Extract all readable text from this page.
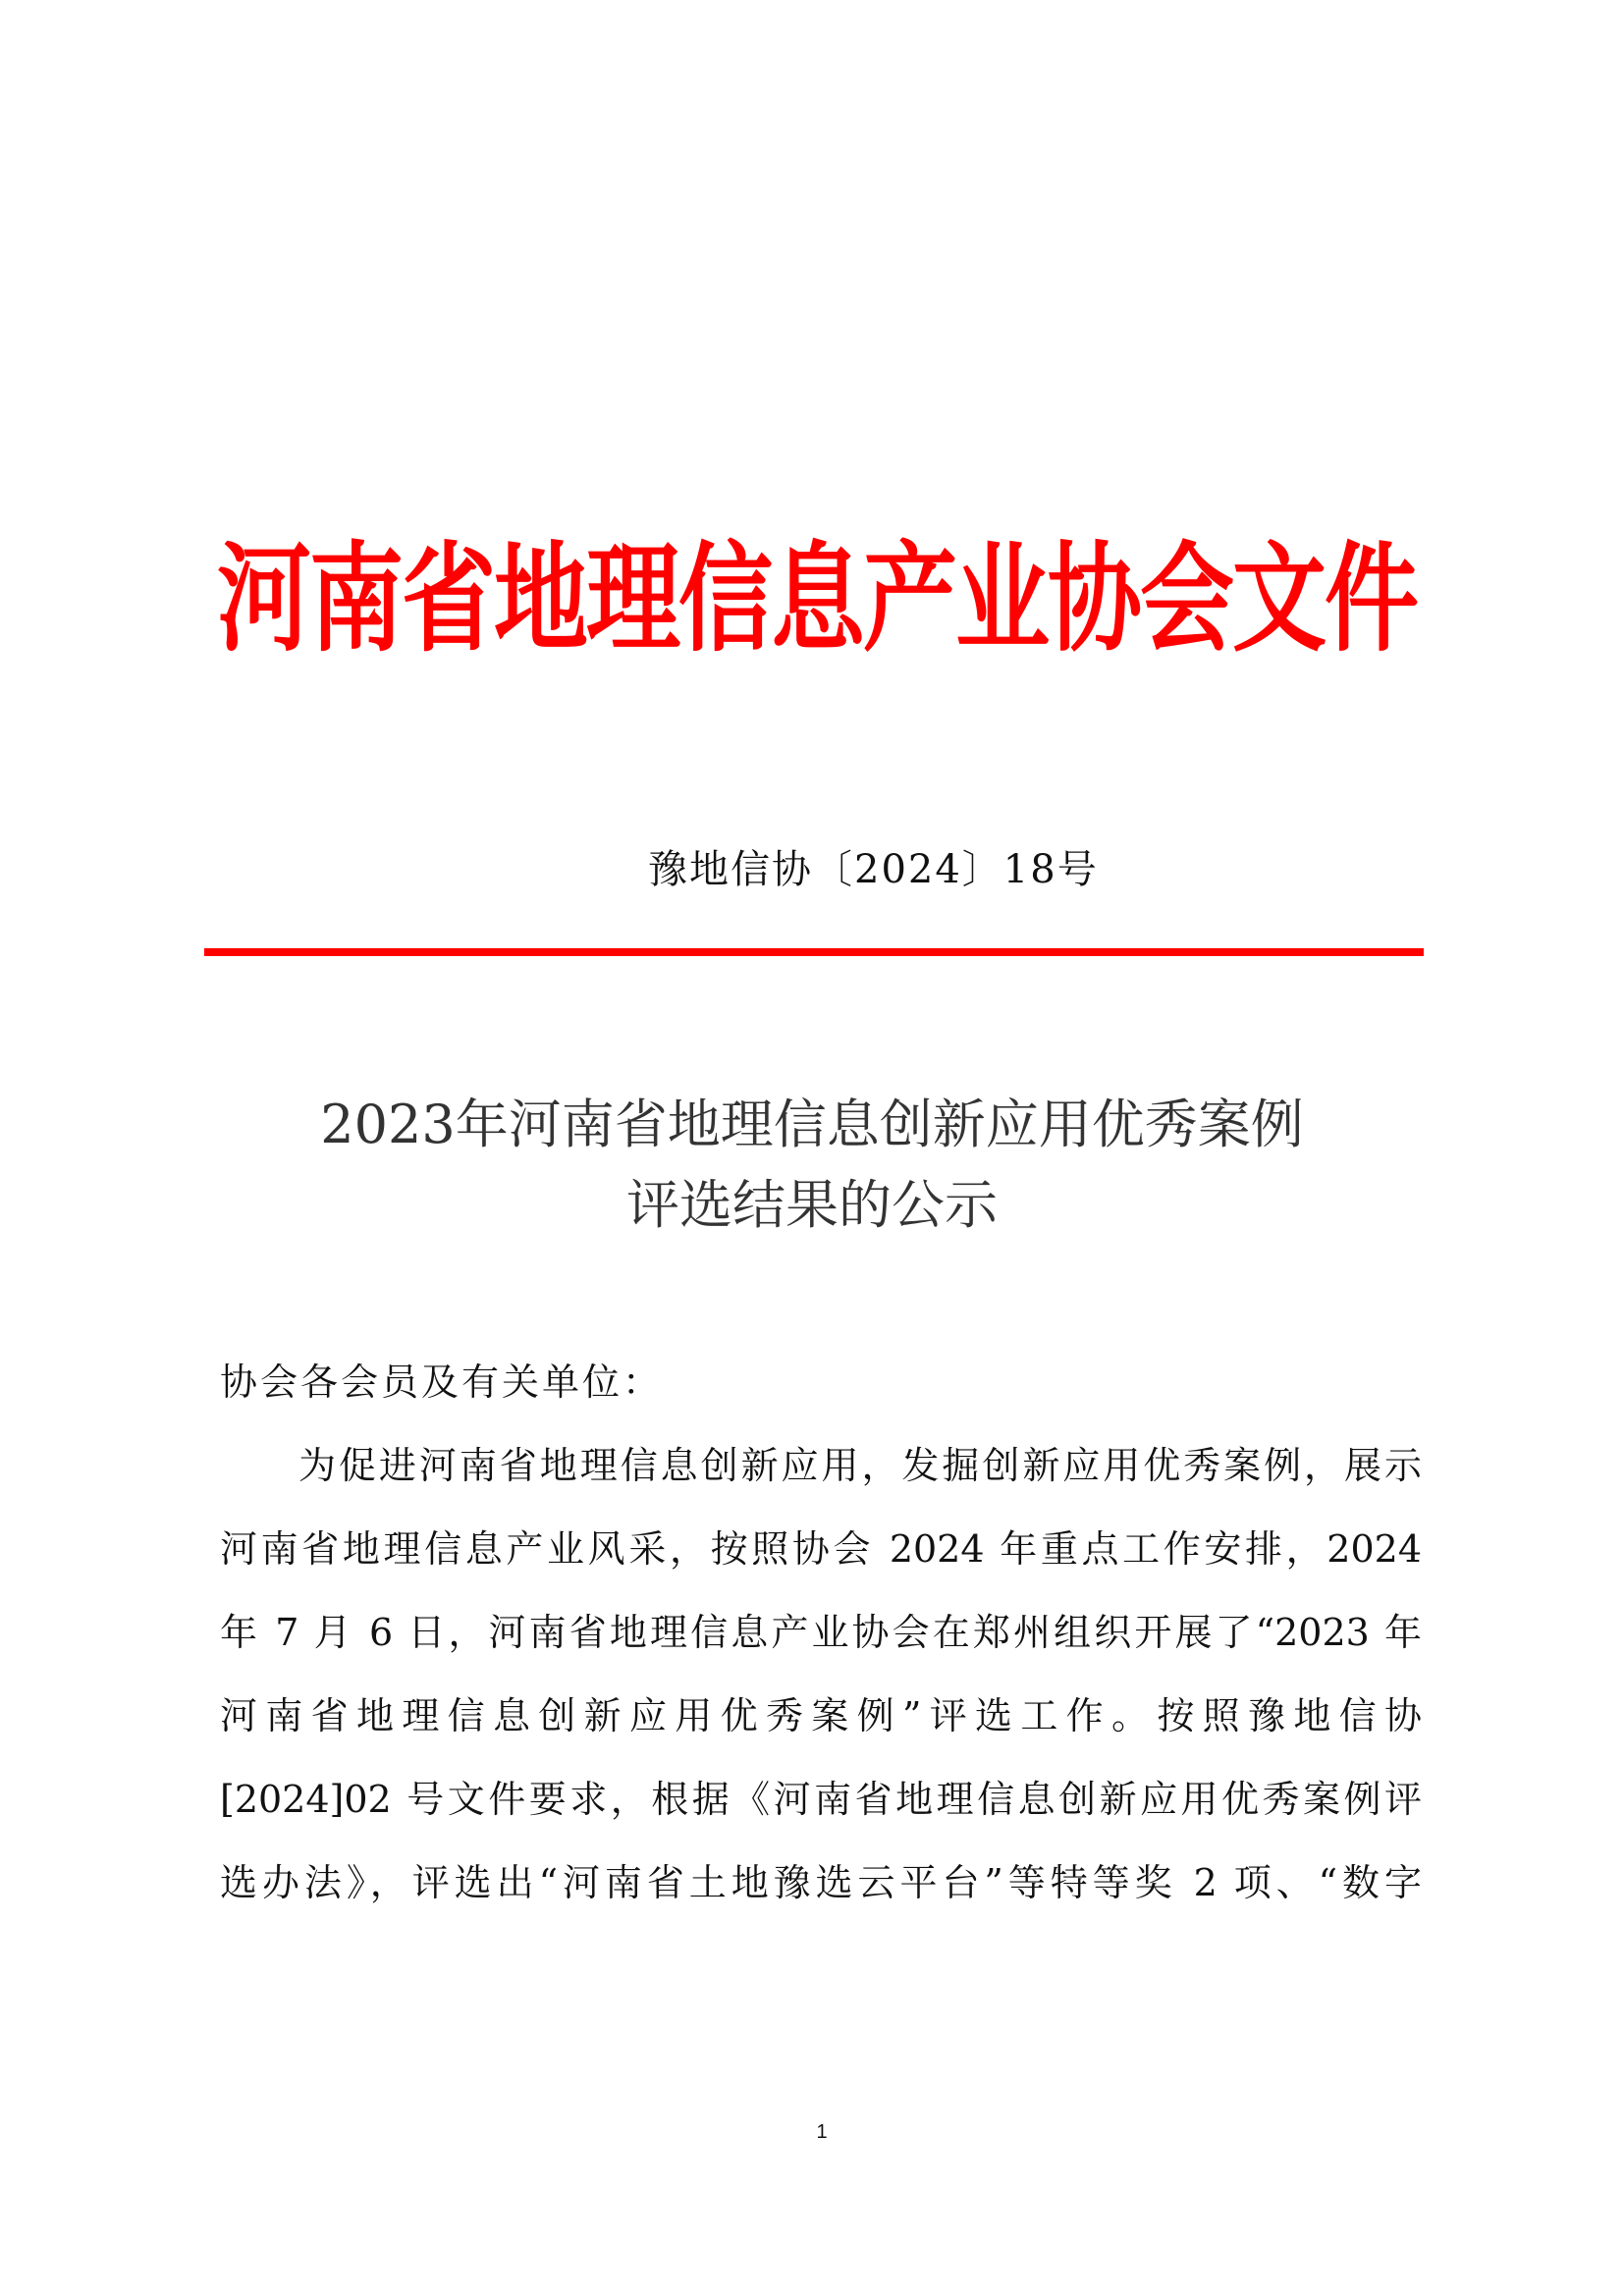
河南省地理信息产业协会文件
豫地信协〔2024〕18号
2023年河南省地理信息创新应用优秀案例
评选结果的公示
协会各会员及有关单位：
为促进河南省地理信息创新应用，发掘创新应用优秀案例，展示
河南省地理信息产业风采，按照协会 2024 年重点工作安排，2024
年 7 月 6 日，河南省地理信息产业协会在郑州组织开展了“2023 年
河南省地理信息创新应用优秀案例”评选工作。按照豫地信协
[2024]02 号文件要求，根据《河南省地理信息创新应用优秀案例评
选办法》，评选出“河南省土地豫选云平台”等特等奖 2 项、“数字
1
